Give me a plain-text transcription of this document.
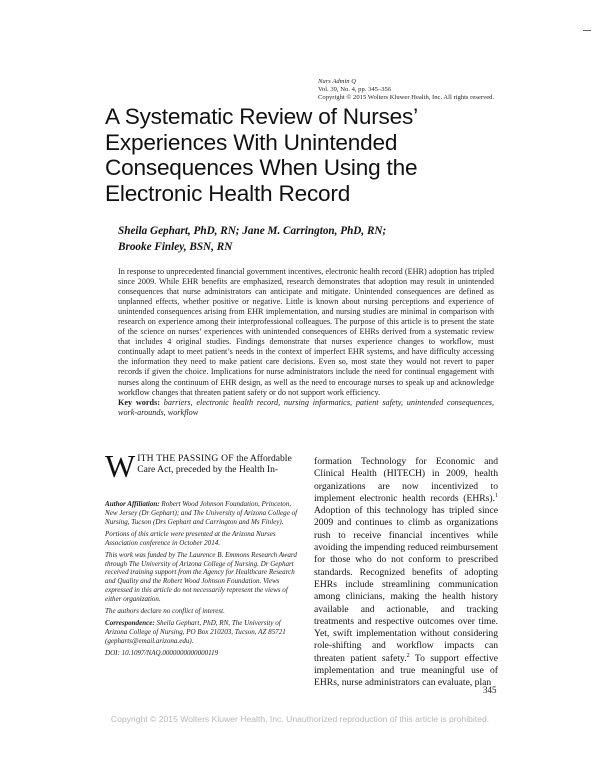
Nurs Admin Q
Vol. 39, No. 4, pp. 345–356
Copyright © 2015 Wolters Kluwer Health, Inc. All rights reserved.
A Systematic Review of Nurses’ Experiences With Unintended Consequences When Using the Electronic Health Record
Sheila Gephart, PhD, RN; Jane M. Carrington, PhD, RN;
Brooke Finley, BSN, RN

In response to unprecedented financial government incentives, electronic health record (EHR) adoption has tripled since 2009. While EHR benefits are emphasized, research demonstrates that adoption may result in unintended consequences that nurse administrators can anticipate and mitigate. Unintended consequences are defined as unplanned effects, whether positive or negative. Little is known about nursing perceptions and experience of unintended consequences arising from EHR implementation, and nursing studies are minimal in comparison with research on experience among their interprofessional colleagues. The purpose of this article is to present the state of the science on nurses’ experiences with unintended consequences of EHRs derived from a systematic review that includes 4 original studies. Findings demonstrate that nurses experience changes to workflow, must continually adapt to meet patient’s needs in the context of imperfect EHR systems, and have difficulty accessing the information they need to make patient care decisions. Even so, most state they would not revert to paper records if given the choice. Implications for nurse administrators include the need for continual engagement with nurses along the continuum of EHR design, as well as the need to encourage nurses to speak up and acknowledge workflow changes that threaten patient safety or do not support work efficiency.

Key words: barriers, electronic health record, nursing informatics, patient safety, unintended consequences, work-arounds, workflow

WITH THE PASSING OF the Affordable Care Act, preceded by the Health In-

Author Affiliation: Robert Wood Johnson Foundation, Princeton, New Jersey (Dr Gephart); and The University of Arizona College of Nursing, Tucson (Drs Gephart and Carrington and Ms Finley).

Portions of this article were presented at the Arizona Nurses Association conference in October 2014.

This work was funded by The Laurence B. Emmons Research Award through The University of Arizona College of Nursing. Dr Gephart received training support from the Agency for Healthcare Research and Quality and the Robert Wood Johnson Foundation. Views expressed in this article do not necessarily represent the views of either organization.

The authors declare no conflict of interest.

Correspondence: Sheila Gephart, PhD, RN, The University of Arizona College of Nursing, PO Box 210203, Tucson, AZ 85721 (gepharts@email.arizona.edu).

DOI: 10.1097/NAQ.0000000000000119

formation Technology for Economic and Clinical Health (HITECH) in 2009, health organizations are now incentivized to implement electronic health records (EHRs).$^1$ Adoption of this technology has tripled since 2009 and continues to climb as organizations rush to receive financial incentives while avoiding the impending reduced reimbursement for those who do not conform to prescribed standards. Recognized benefits of adopting EHRs include streamlining communication among clinicians, making the health history available and actionable, and tracking treatments and respective outcomes over time. Yet, swift implementation without considering role-shifting and workflow impacts can threaten patient safety.$^2$ To support effective implementation and true meaningful use of EHRs, nurse administrators can evaluate, plan
345
Copyright © 2015 Wolters Kluwer Health, Inc. Unauthorized reproduction of this article is prohibited.
